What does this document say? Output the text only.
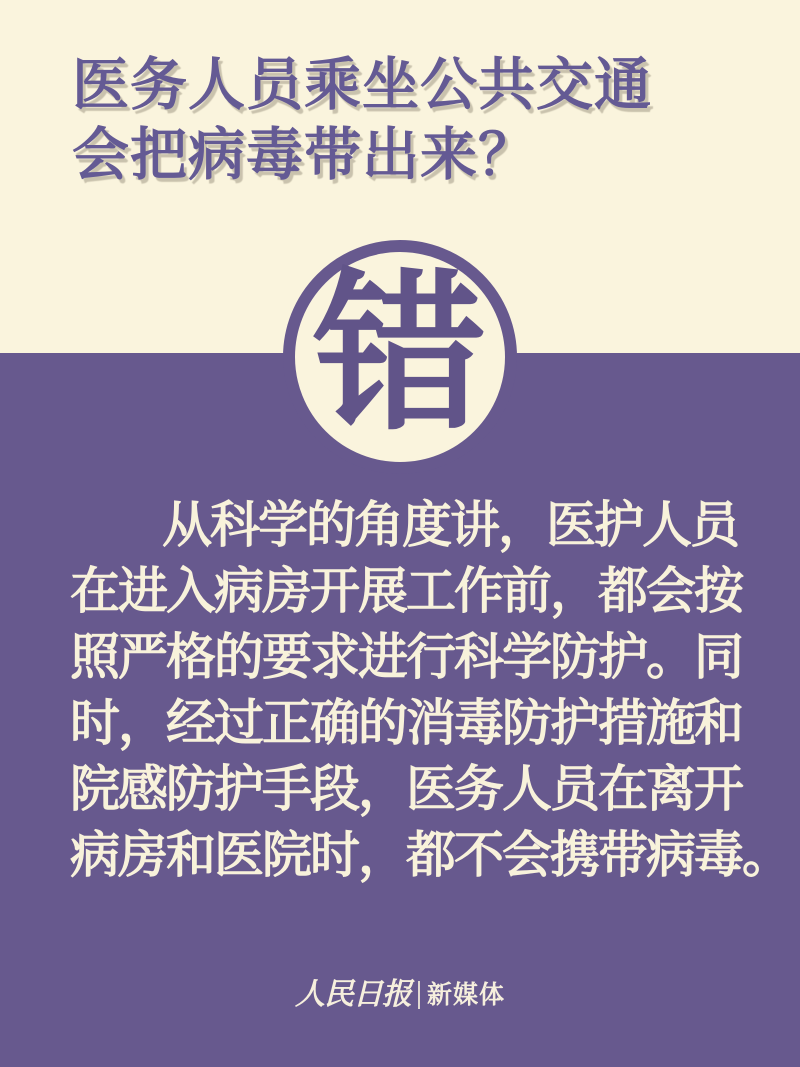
医务人员乘坐公共交通
会把病毒带出来？
错
从科学的角度讲，医护人员
在进入病房开展工作前，都会按
照严格的要求进行科学防护。同
时，经过正确的消毒防护措施和
院感防护手段，医务人员在离开
病房和医院时，都不会携带病毒。
人民日报 新媒体
